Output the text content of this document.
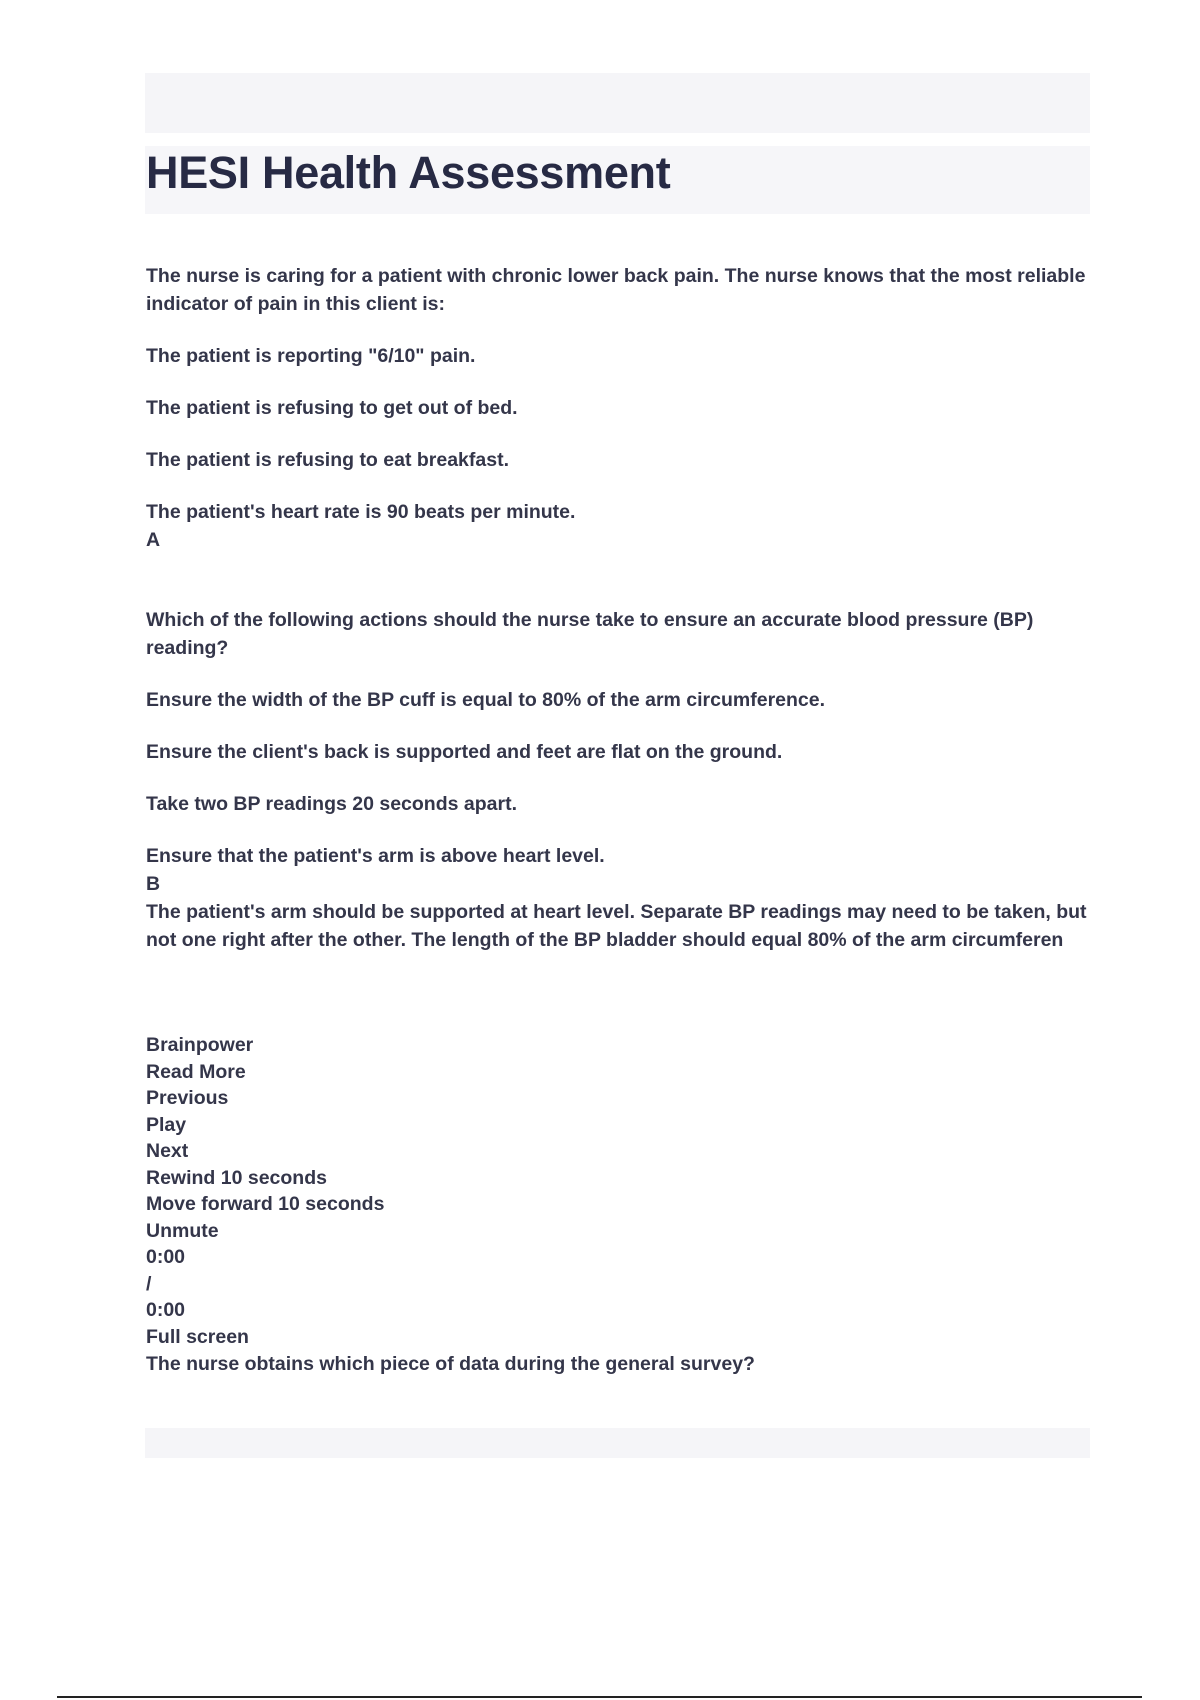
HESI Health Assessment

The nurse is caring for a patient with chronic lower back pain. The nurse knows that the most reliable indicator of pain in this client is:

The patient is reporting "6/10" pain.

The patient is refusing to get out of bed.

The patient is refusing to eat breakfast.

The patient's heart rate is 90 beats per minute.

A

Which of the following actions should the nurse take to ensure an accurate blood pressure (BP) reading?

Ensure the width of the BP cuff is equal to 80% of the arm circumference.

Ensure the client's back is supported and feet are flat on the ground.

Take two BP readings 20 seconds apart.

Ensure that the patient's arm is above heart level.

B

The patient's arm should be supported at heart level. Separate BP readings may need to be taken, but not one right after the other. The length of the BP bladder should equal 80% of the arm circumferen

Brainpower
Read More
Previous
Play
Next
Rewind 10 seconds
Move forward 10 seconds
Unmute
0:00
/
0:00
Full screen

The nurse obtains which piece of data during the general survey?
